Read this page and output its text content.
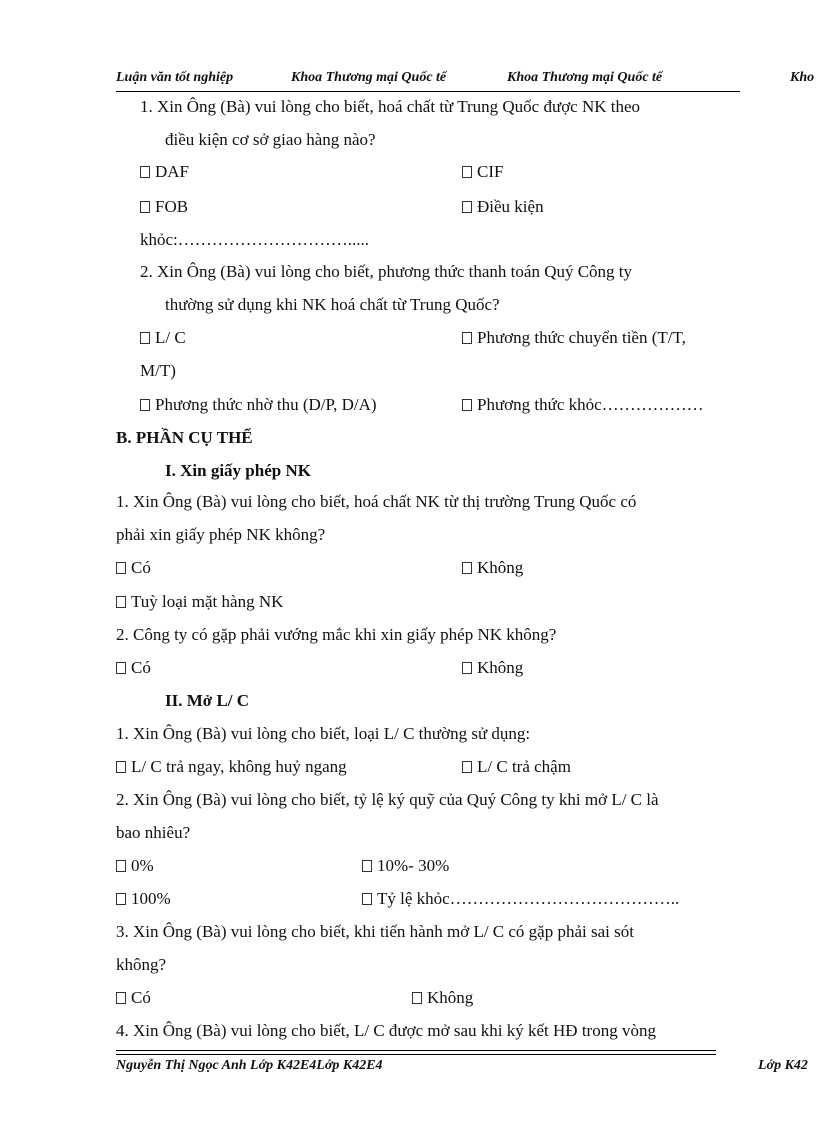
Luận văn tốt nghiệp	Khoa Thương mại Quốc tế	Khoa Thương mại Quốc tế	Kho
1. Xin Ông (Bà) vui lòng cho biết, hoá chất từ Trung Quốc được NK theo
điều kiện cơ sở giao hàng nào?
DAF	CIF
FOB	Điều kiện
khỏc:………………………….....
2. Xin Ông (Bà) vui lòng cho biết, phương thức thanh toán Quý Công ty
thường sử dụng khi NK hoá chất từ Trung Quốc?
L/ C	Phương thức chuyển tiền (T/T,
M/T)
Phương thức nhờ thu (D/P, D/A)	Phương thức khỏc………………
B. PHẦN CỤ THỂ
I. Xin giấy phép NK
1. Xin Ông (Bà) vui lòng cho biết, hoá chất NK từ thị trường Trung Quốc có
phải xin giấy phép NK không?
Có	Không
Tuỳ loại mặt hàng NK
2. Công ty có gặp phải vướng mắc khi xin giấy phép NK không?
Có	Không
II. Mở L/ C
1. Xin Ông (Bà) vui lòng cho biết, loại L/ C thường sử dụng:
L/ C trả ngay, không huỷ ngang	L/ C trả chậm
2. Xin Ông (Bà) vui lòng cho biết, tỷ lệ ký quỹ của Quý Công ty khi mở L/ C là
bao nhiêu?
0%	10%- 30%
100%	Tỷ lệ khỏc…………………………………..
3. Xin Ông (Bà) vui lòng cho biết, khi tiến hành mở L/ C có gặp phải sai sót
không?
Có	Không
4. Xin Ông (Bà) vui lòng cho biết, L/ C được mở sau khi ký kết HĐ trong vòng
Nguyễn Thị Ngọc Anh Lớp K42E4Lớp K42E4	Lớp K42
